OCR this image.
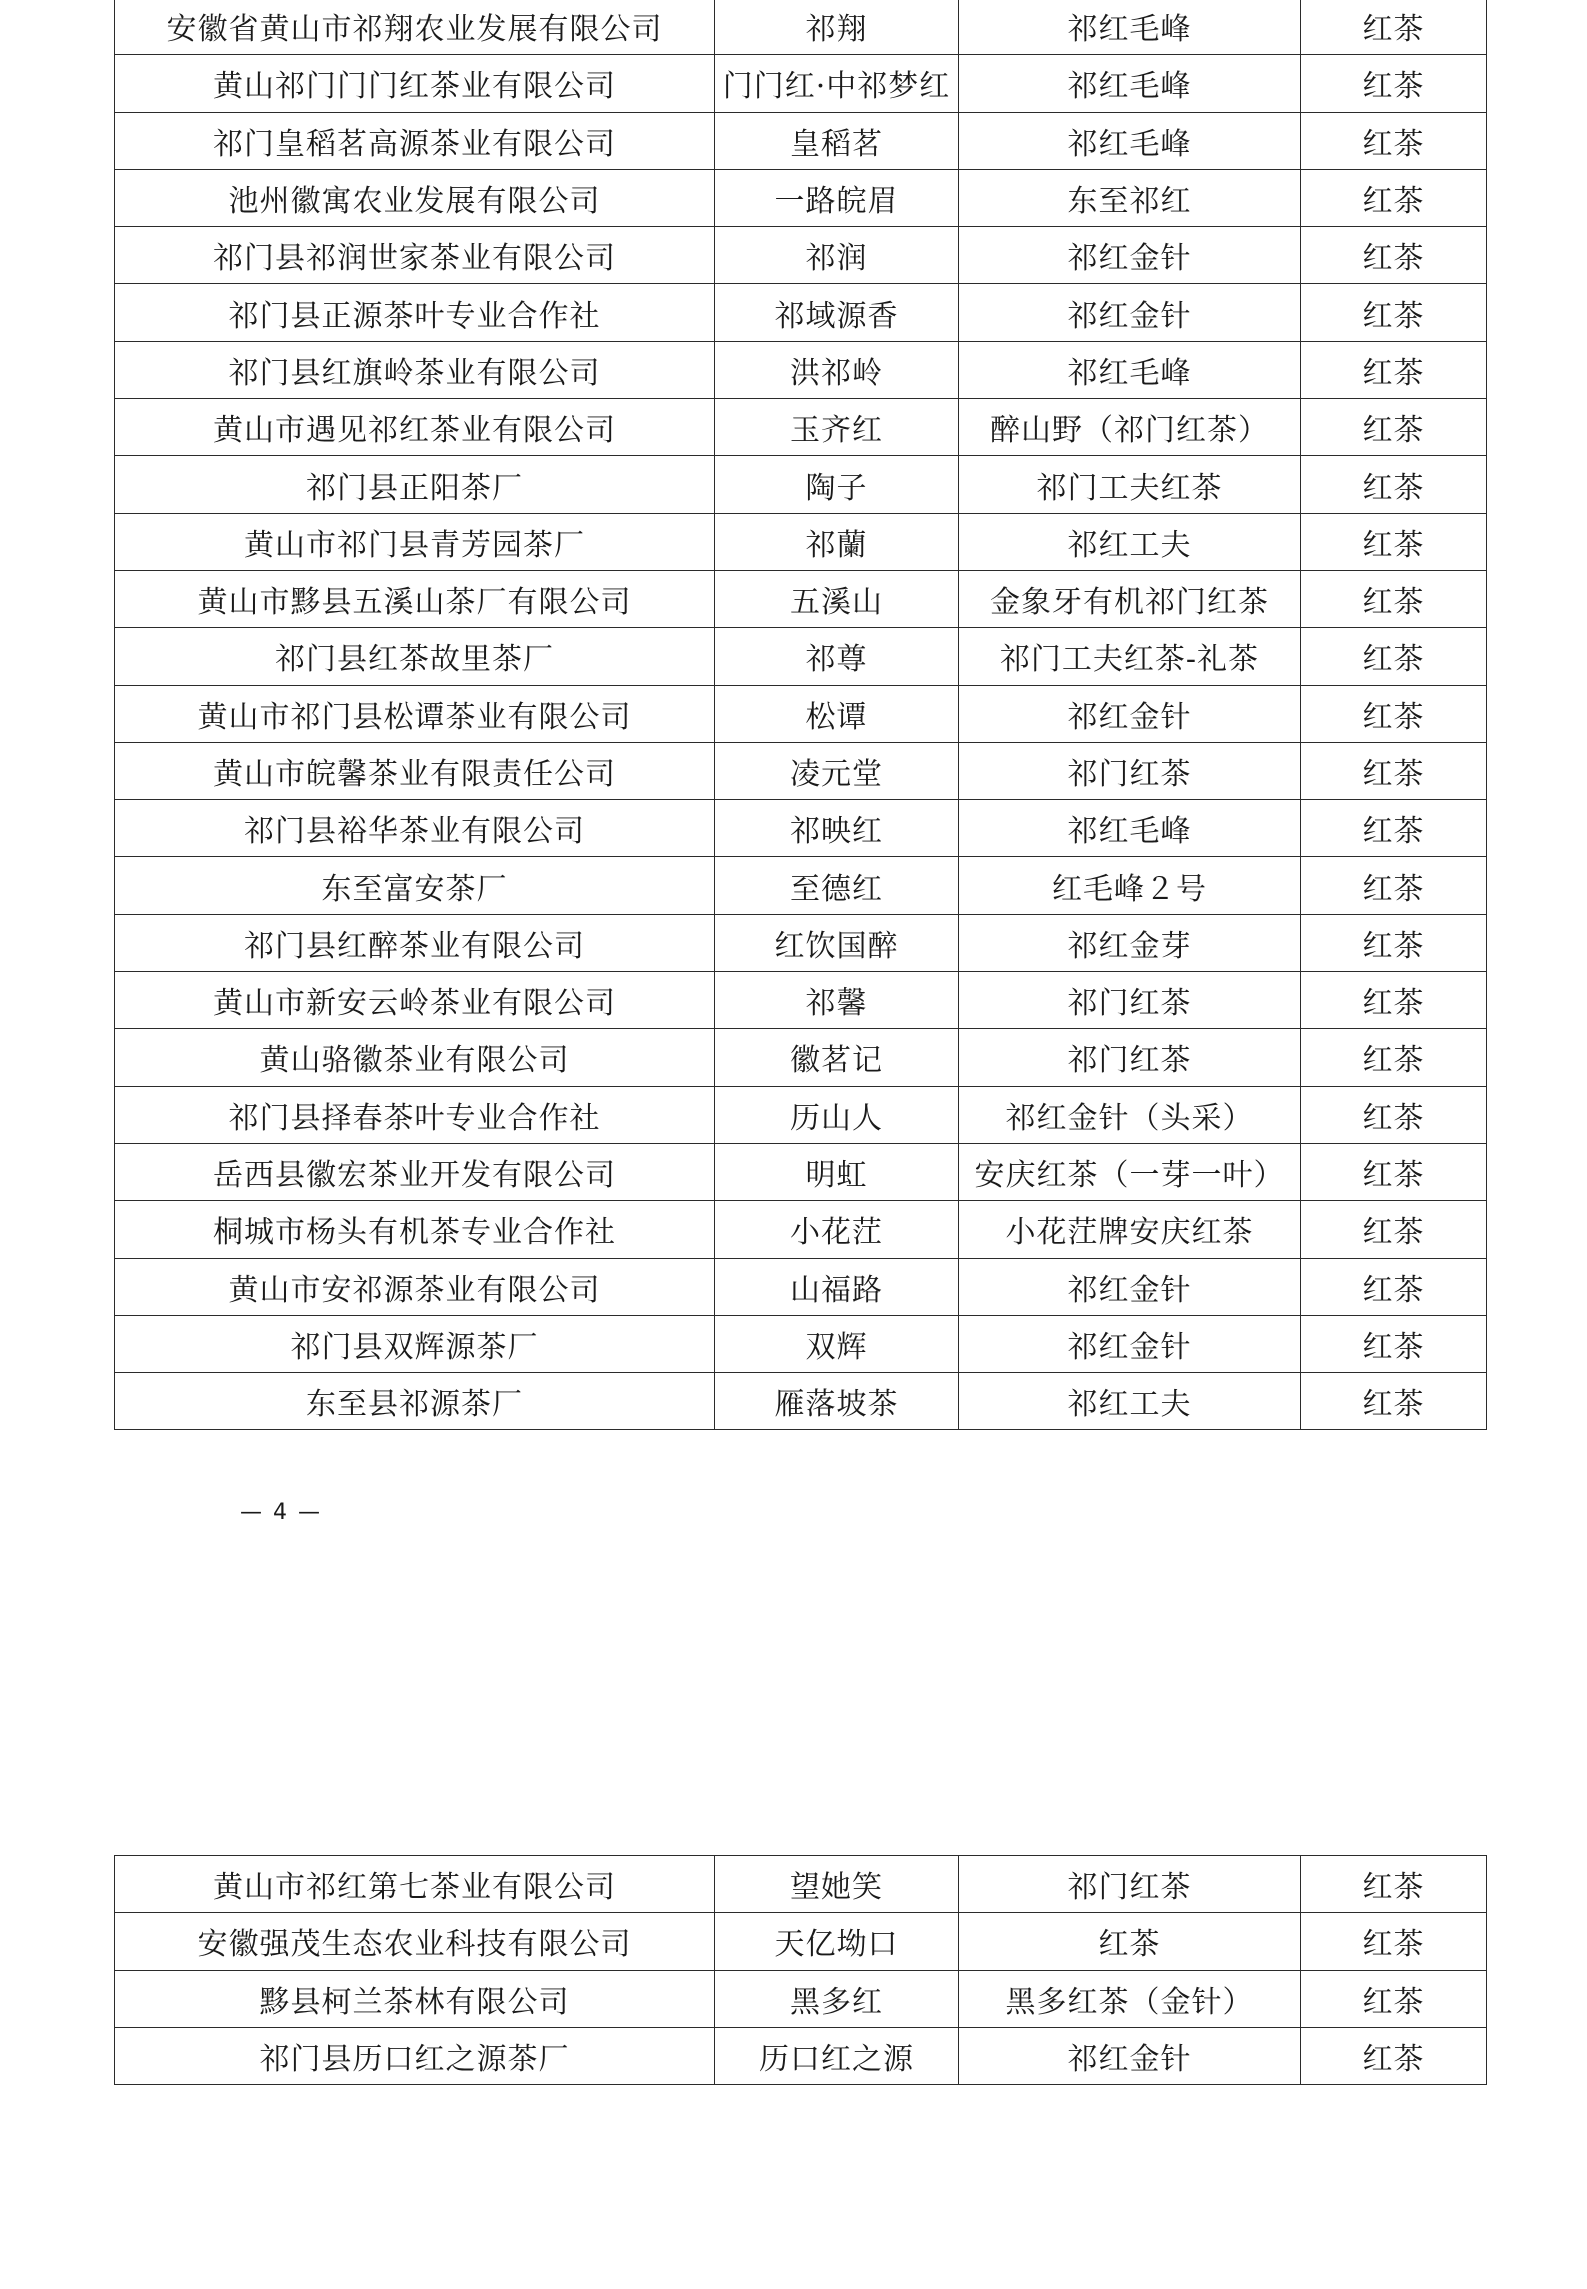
安徽省黄山市祁翔农业发展有限公司	祁翔	祁红毛峰	红茶
黄山祁门门门红茶业有限公司	门门红·中祁梦红	祁红毛峰	红茶
祁门皇稻茗高源茶业有限公司	皇稻茗	祁红毛峰	红茶
池州徽寓农业发展有限公司	一路皖眉	东至祁红	红茶
祁门县祁润世家茶业有限公司	祁润	祁红金针	红茶
祁门县正源茶叶专业合作社	祁域源香	祁红金针	红茶
祁门县红旗岭茶业有限公司	洪祁岭	祁红毛峰	红茶
黄山市遇见祁红茶业有限公司	玉齐红	醉山野（祁门红茶）	红茶
祁门县正阳茶厂	陶子	祁门工夫红茶	红茶
黄山市祁门县青芳园茶厂	祁蘭	祁红工夫	红茶
黄山市黟县五溪山茶厂有限公司	五溪山	金象牙有机祁门红茶	红茶
祁门县红茶故里茶厂	祁尊	祁门工夫红茶-礼茶	红茶
黄山市祁门县松谭茶业有限公司	松谭	祁红金针	红茶
黄山市皖馨茶业有限责任公司	凌元堂	祁门红茶	红茶
祁门县裕华茶业有限公司	祁映红	祁红毛峰	红茶
东至富安茶厂	至德红	红毛峰２号	红茶
祁门县红醉茶业有限公司	红饮国醉	祁红金芽	红茶
黄山市新安云岭茶业有限公司	祁馨	祁门红茶	红茶
黄山骆徽茶业有限公司	徽茗记	祁门红茶	红茶
祁门县择春茶叶专业合作社	历山人	祁红金针（头采）	红茶
岳西县徽宏茶业开发有限公司	明虹	安庆红茶（一芽一叶）	红茶
桐城市杨头有机茶专业合作社	小花茳	小花茳牌安庆红茶	红茶
黄山市安祁源茶业有限公司	山福路	祁红金针	红茶
祁门县双辉源茶厂	双辉	祁红金针	红茶
东至县祁源茶厂	雁落坡茶	祁红工夫	红茶
— 4 —
黄山市祁红第七茶业有限公司	望她笑	祁门红茶	红茶
安徽强茂生态农业科技有限公司	天亿坳口	红茶	红茶
黟县柯兰茶林有限公司	黑多红	黑多红茶（金针）	红茶
祁门县历口红之源茶厂	历口红之源	祁红金针	红茶
